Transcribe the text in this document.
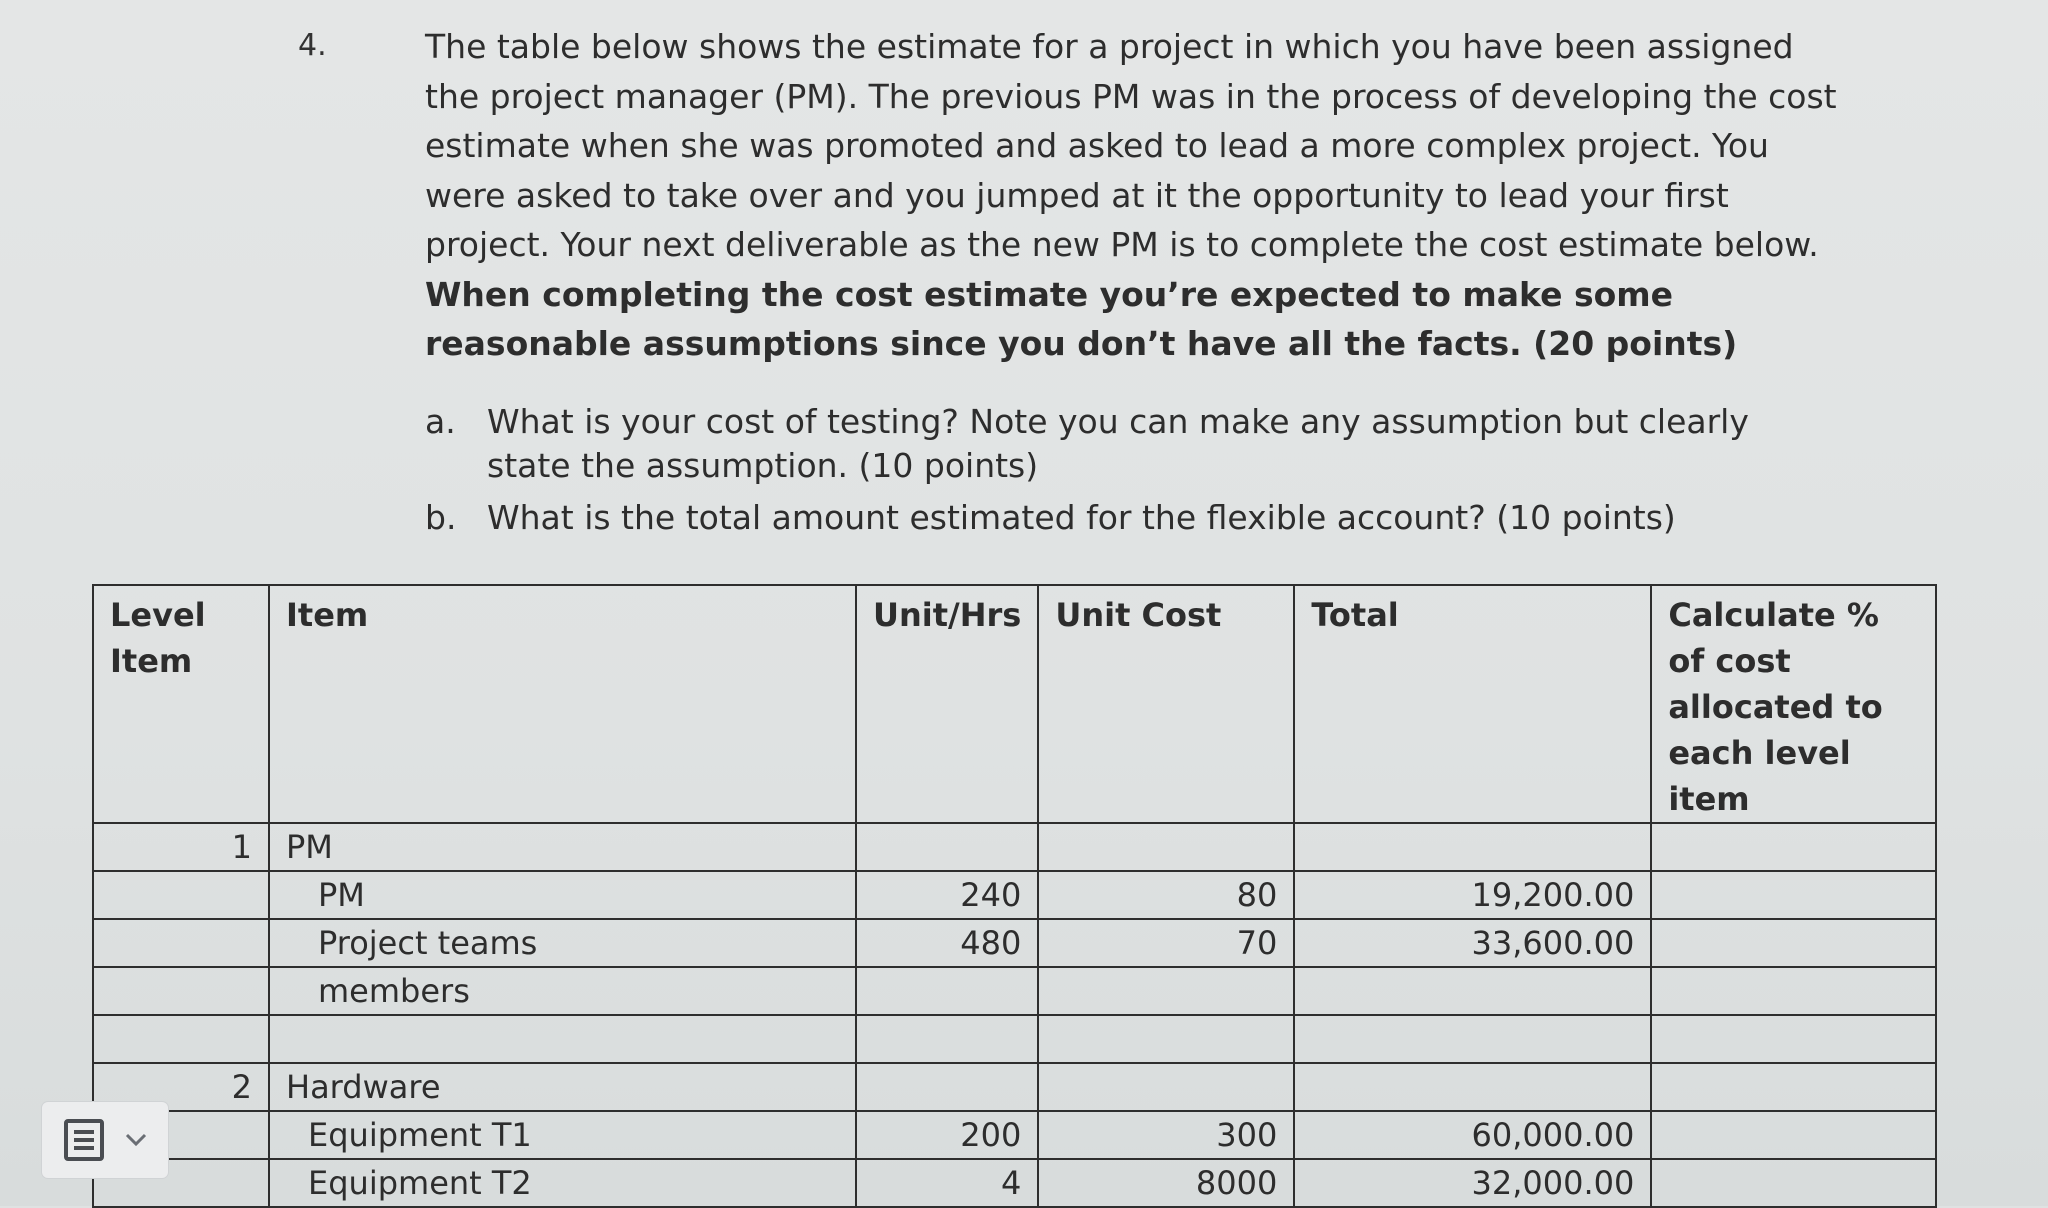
4.	The table below shows the estimate for a project in which you have been assigned the project manager (PM). The previous PM was in the process of developing the cost estimate when she was promoted and asked to lead a more complex project. You were asked to take over and you jumped at it the opportunity to lead your first project. Your next deliverable as the new PM is to complete the cost estimate below. When completing the cost estimate you’re expected to make some reasonable assumptions since you don’t have all the facts. (20 points)
a. What is your cost of testing? Note you can make any assumption but clearly state the assumption. (10 points)
b. What is the total amount estimated for the flexible account? (10 points)
Level Item	Item	Unit/Hrs	Unit Cost	Total	Calculate % of cost allocated to each level item
1	PM				
	PM	240	80	19,200.00	
	Project teams	480	70	33,600.00	
	members				

2	Hardware				
	Equipment T1	200	300	60,000.00	
	Equipment T2	4	8000	32,000.00	
